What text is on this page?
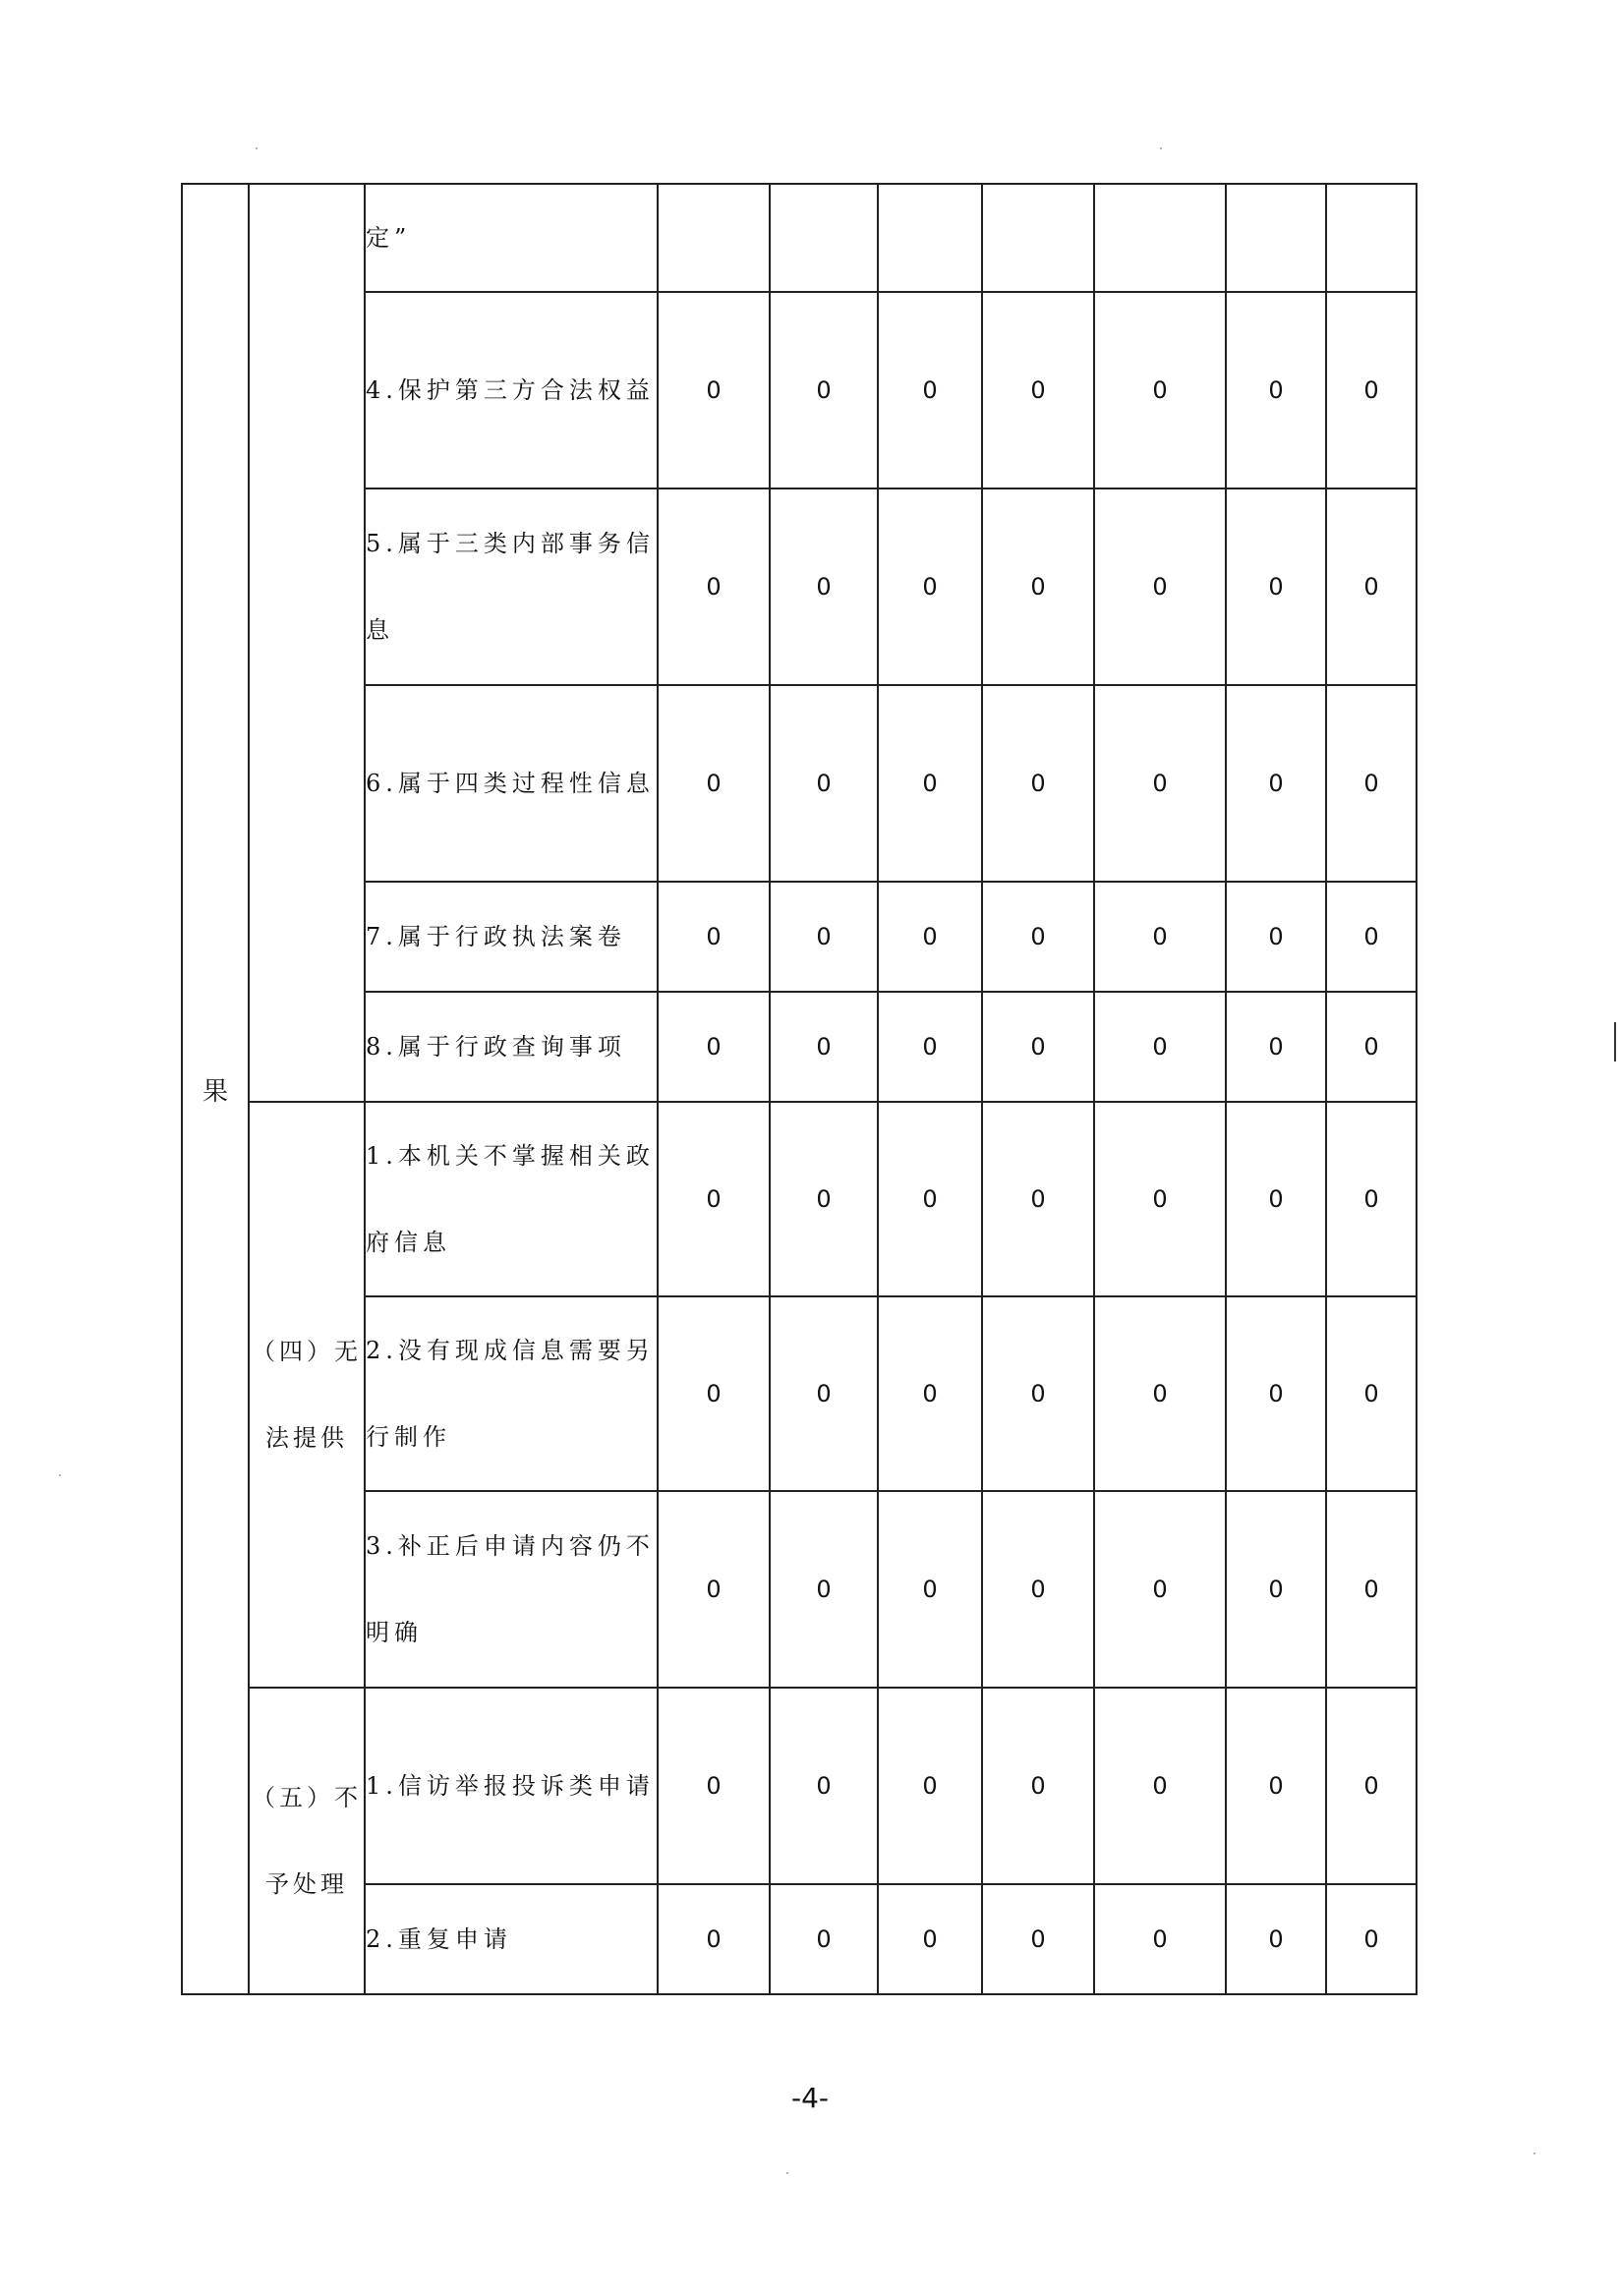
果		定”							
		4.保护第三方合法权益	0	0	0	0	0	0	0
		5.属于三类内部事务信息	0	0	0	0	0	0	0
		6.属于四类过程性信息	0	0	0	0	0	0	0
		7.属于行政执法案卷	0	0	0	0	0	0	0
		8.属于行政查询事项	0	0	0	0	0	0	0
	（四）无法提供	1.本机关不掌握相关政府信息	0	0	0	0	0	0	0
		2.没有现成信息需要另行制作	0	0	0	0	0	0	0
		3.补正后申请内容仍不明确	0	0	0	0	0	0	0
	（五）不予处理	1.信访举报投诉类申请	0	0	0	0	0	0	0
		2.重复申请	0	0	0	0	0	0	0
-4-
